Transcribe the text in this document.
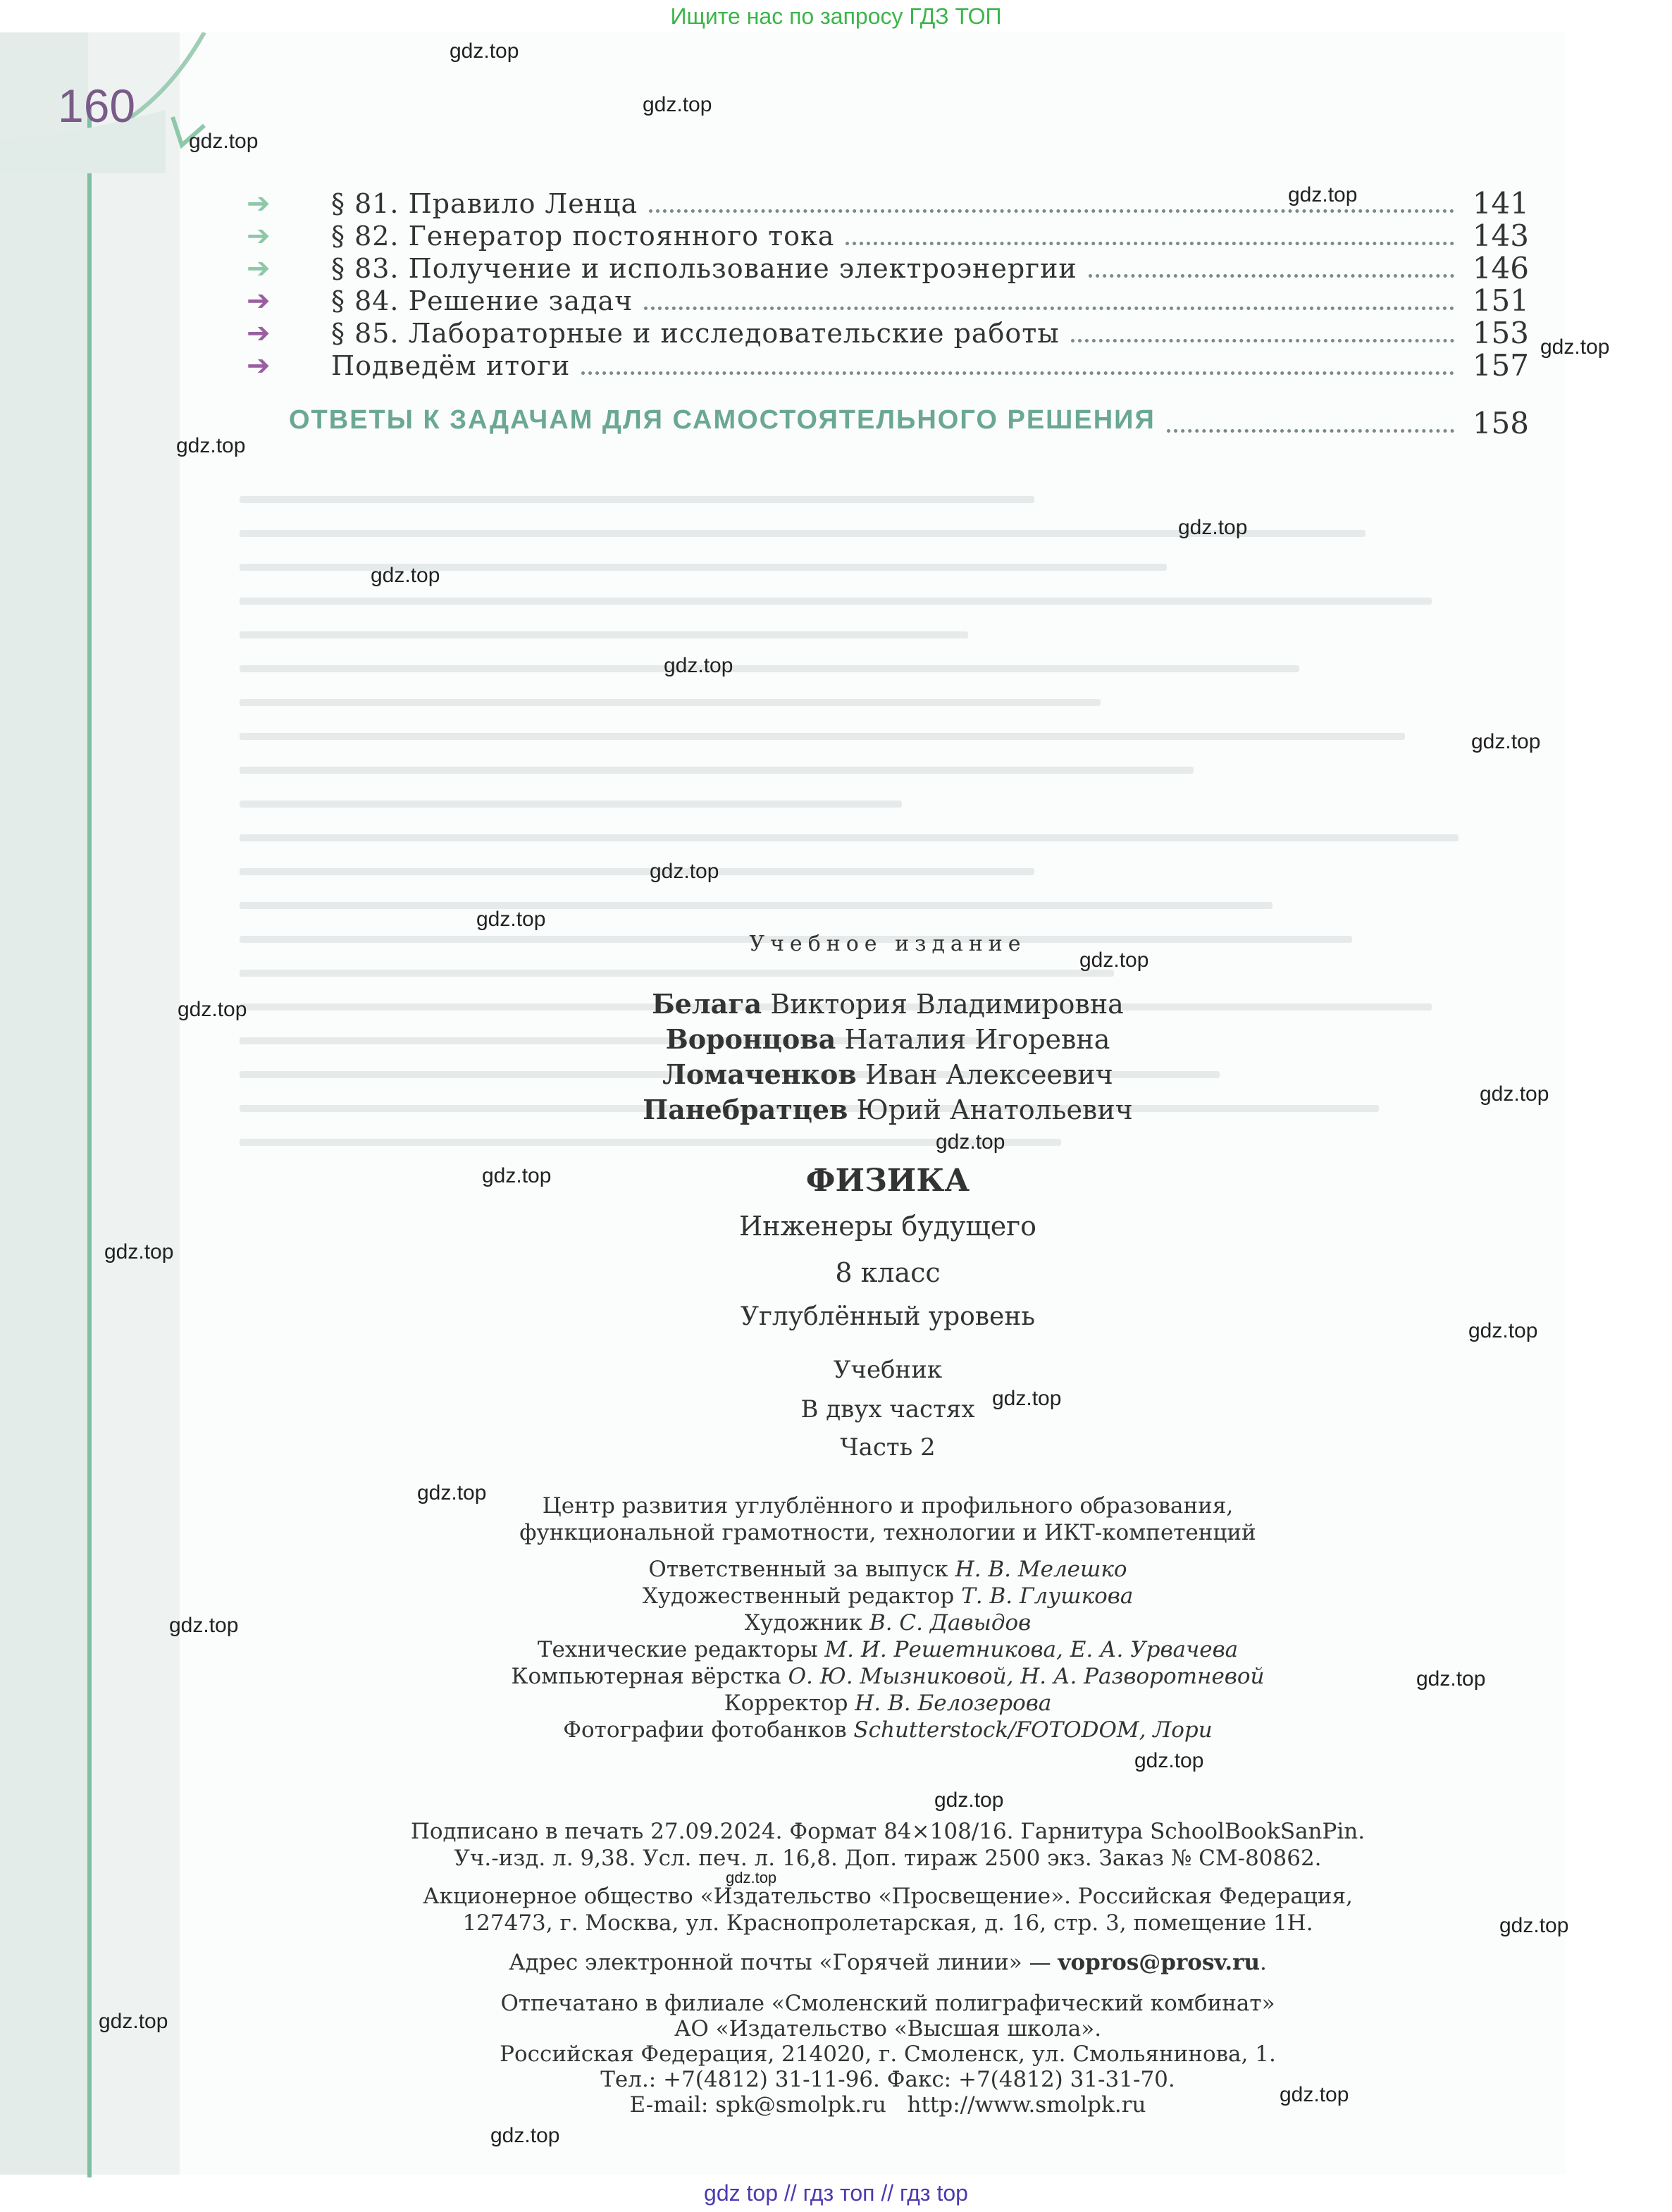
Ищите нас по запросу ГДЗ ТОП
160
➔	§ 81. Правило Ленца	141
➔	§ 82. Генератор постоянного тока	143
➔	§ 83. Получение и использование электроэнергии	146
➔	§ 84. Решение задач	151
➔	§ 85. Лабораторные и исследовательские работы	153
➔	Подведём итоги	157
ОТВЕТЫ К ЗАДАЧАМ ДЛЯ САМОСТОЯТЕЛЬНОГО РЕШЕНИЯ	158
Учебное издание
Белага Виктория Владимировна
Воронцова Наталия Игоревна
Ломаченков Иван Алексеевич
Панебратцев Юрий Анатольевич
ФИЗИКА
Инженеры будущего
8 класс
Углублённый уровень
Учебник
В двух частях
Часть 2
Центр развития углублённого и профильного образования,
функциональной грамотности, технологии и ИКТ-компетенций
Ответственный за выпуск Н. В. Мелешко
Художественный редактор Т. В. Глушкова
Художник В. С. Давыдов
Технические редакторы М. И. Решетникова, Е. А. Урвачева
Компьютерная вёрстка О. Ю. Мызниковой, Н. А. Разворотневой
Корректор Н. В. Белозерова
Фотографии фотобанков Schutterstock/FOTODOM, Лори
Подписано в печать 27.09.2024. Формат 84×108/16. Гарнитура SchoolBookSanPin.
Уч.-изд. л. 9,38. Усл. печ. л. 16,8. Доп. тираж 2500 экз. Заказ № СМ-80862.
Акционерное общество «Издательство «Просвещение». Российская Федерация,
127473, г. Москва, ул. Краснопролетарская, д. 16, стр. 3, помещение 1Н.
Адрес электронной почты «Горячей линии» — vopros@prosv.ru.
Отпечатано в филиале «Смоленский полиграфический комбинат»
АО «Издательство «Высшая школа».
Российская Федерация, 214020, г. Смоленск, ул. Смольянинова, 1.
Тел.: +7(4812) 31-11-96. Факс: +7(4812) 31-31-70.
E-mail: spk@smolpk.ru   http://www.smolpk.ru
gdz.top
gdz.top
gdz.top
gdz.top
gdz.top
gdz.top
gdz.top
gdz.top
gdz.top
gdz.top
gdz.top
gdz.top
gdz.top
gdz.top
gdz.top
gdz.top
gdz.top
gdz.top
gdz.top
gdz.top
gdz.top
gdz.top
gdz.top
gdz.top
gdz.top
gdz.top
gdz.top
gdz.top
gdz.top
gdz.top
gdz top // гдз топ // гдз top
